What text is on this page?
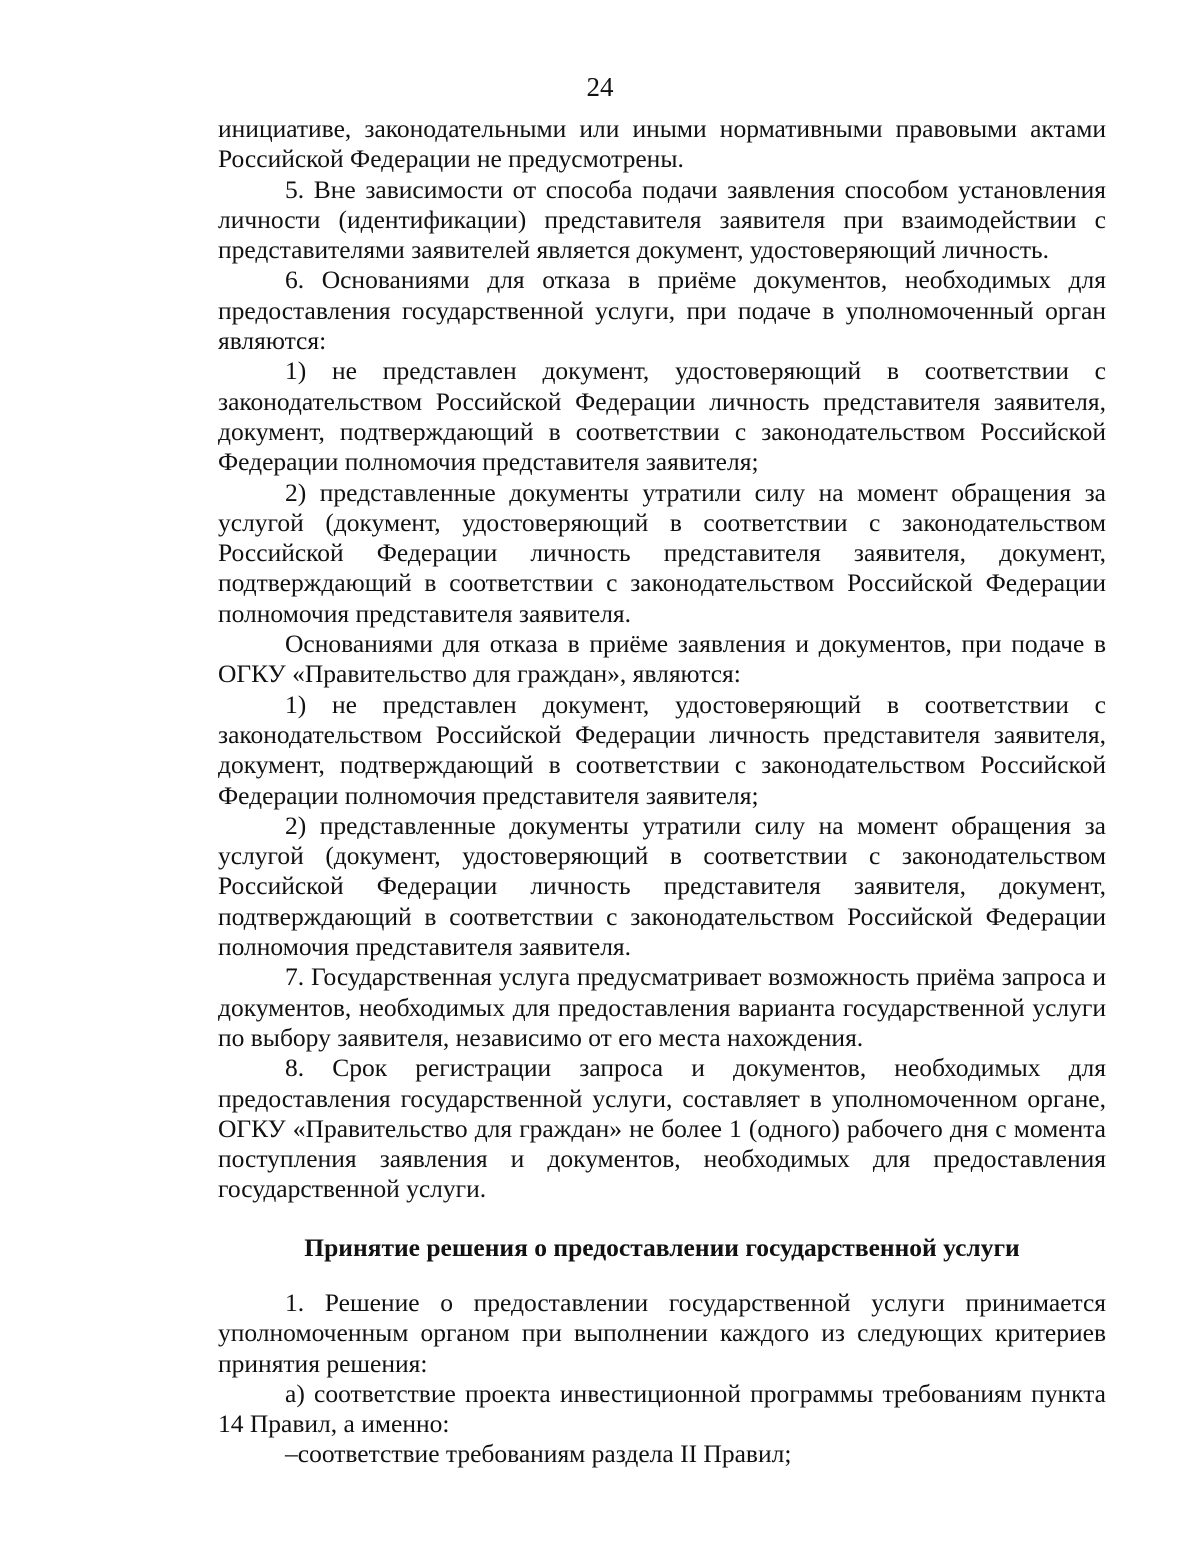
24

инициативе, законодательными или иными нормативными правовыми актами Российской Федерации не предусмотрены.

5. Вне зависимости от способа подачи заявления способом установления личности (идентификации) представителя заявителя при взаимодействии с представителями заявителей является документ, удостоверяющий личность.

6. Основаниями для отказа в приёме документов, необходимых для предоставления государственной услуги, при подаче в уполномоченный орган являются:

1) не представлен документ, удостоверяющий в соответствии с законодательством Российской Федерации личность представителя заявителя, документ, подтверждающий в соответствии с законодательством Российской Федерации полномочия представителя заявителя;

2) представленные документы утратили силу на момент обращения за услугой (документ, удостоверяющий в соответствии с законодательством Российской Федерации личность представителя заявителя, документ, подтверждающий в соответствии с законодательством Российской Федерации полномочия представителя заявителя.

Основаниями для отказа в приёме заявления и документов, при подаче в ОГКУ «Правительство для граждан», являются:

1) не представлен документ, удостоверяющий в соответствии с законодательством Российской Федерации личность представителя заявителя, документ, подтверждающий в соответствии с законодательством Российской Федерации полномочия представителя заявителя;

2) представленные документы утратили силу на момент обращения за услугой (документ, удостоверяющий в соответствии с законодательством Российской Федерации личность представителя заявителя, документ, подтверждающий в соответствии с законодательством Российской Федерации полномочия представителя заявителя.

7. Государственная услуга предусматривает возможность приёма запроса и документов, необходимых для предоставления варианта государственной услуги по выбору заявителя, независимо от его места нахождения.

8. Срок регистрации запроса и документов, необходимых для предоставления государственной услуги, составляет в уполномоченном органе, ОГКУ «Правительство для граждан» не более 1 (одного) рабочего дня с момента поступления заявления и документов, необходимых для предоставления государственной услуги.

Принятие решения о предоставлении государственной услуги

1. Решение о предоставлении государственной услуги принимается уполномоченным органом при выполнении каждого из следующих критериев принятия решения:

а) соответствие проекта инвестиционной программы требованиям пункта 14 Правил, а именно:

–соответствие требованиям раздела II Правил;
